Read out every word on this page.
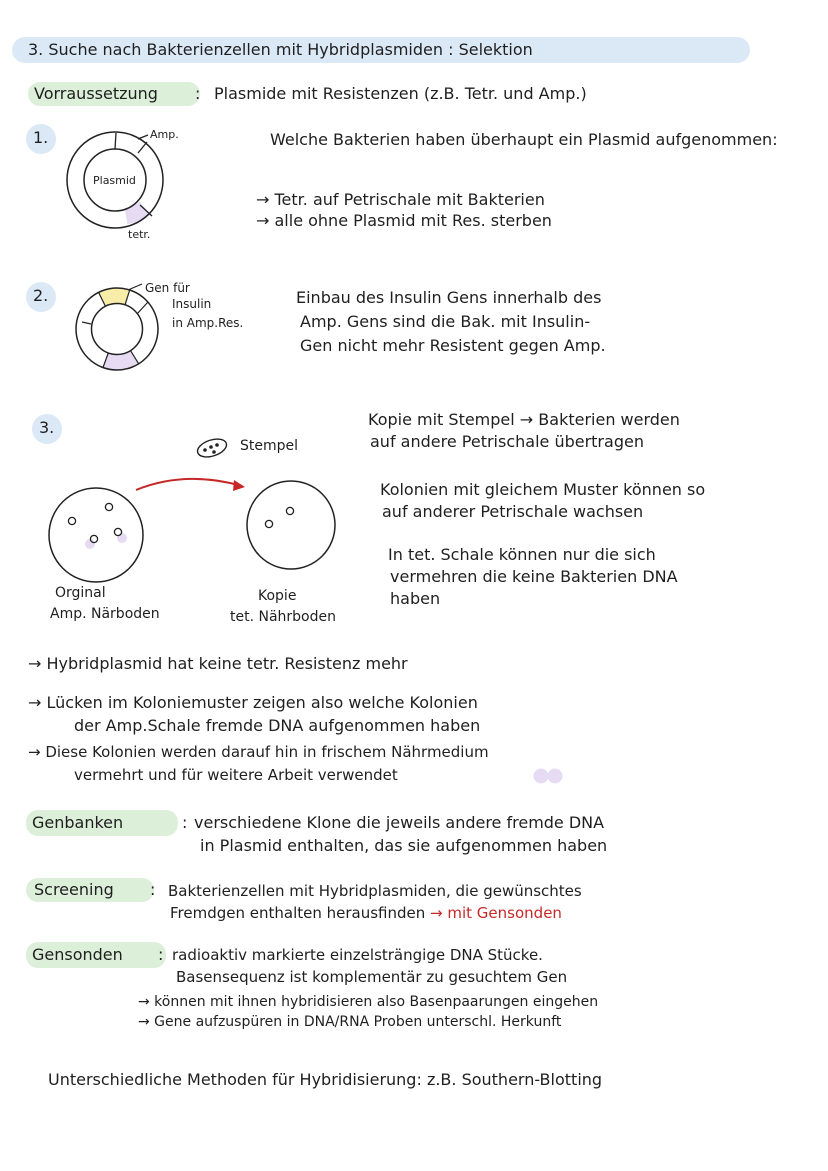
3. Suche nach Bakterienzellen mit Hybridplasmiden : Selektion
Vorraussetzung : Plasmide mit Resistenzen (z.B. Tetr. und Amp.)
1.
Plasmid
Amp.
tetr.
Welche Bakterien haben überhaupt ein Plasmid aufgenommen:
→ Tetr. auf Petrischale mit Bakterien
→ alle ohne Plasmid mit Res. sterben
2.	Gen für
Insulin
in Amp.Res.
Einbau des Insulin Gens innerhalb des
Amp. Gens sind die Bak. mit Insulin-
Gen nicht mehr Resistent gegen Amp.
3.
Stempel
Orginal
Amp. Närboden
Kopie
tet. Nährboden
Kopie mit Stempel → Bakterien werden
auf andere Petrischale übertragen
Kolonien mit gleichem Muster können so
auf anderer Petrischale wachsen
In tet. Schale können nur die sich
vermehren die keine Bakterien DNA
haben
→ Hybridplasmid hat keine tetr. Resistenz mehr
→ Lücken im Koloniemuster zeigen also welche Kolonien
der Amp.Schale fremde DNA aufgenommen haben
→ Diese Kolonien werden darauf hin in frischem Nährmedium
vermehrt und für weitere Arbeit verwendet
Genbanken	: verschiedene Klone die jeweils andere fremde DNA
in Plasmid enthalten, das sie aufgenommen haben
Screening : Bakterienzellen mit Hybridplasmiden, die gewünschtes
Fremdgen enthalten herausfinden → mit Gensonden
Gensonden : radioaktiv markierte einzelsträngige DNA Stücke.
Basensequenz ist komplementär zu gesuchtem Gen
→ können mit ihnen hybridisieren also Basenpaarungen eingehen
→ Gene aufzuspüren in DNA/RNA Proben unterschl. Herkunft
Unterschiedliche Methoden für Hybridisierung: z.B. Southern-Blotting
